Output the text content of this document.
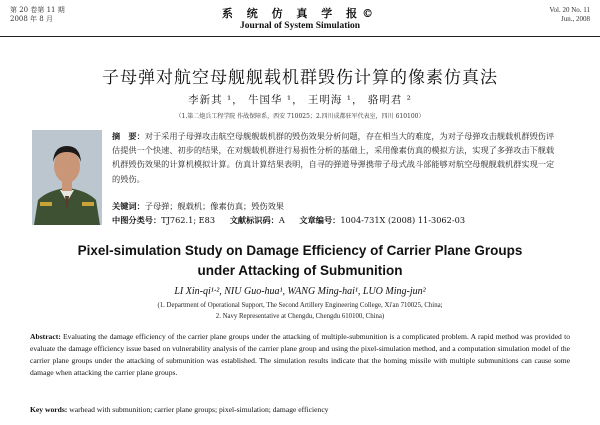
第 20 卷第 11 期
2008 年 8 月	系 统 仿 真 学 报©
Journal of System Simulation
Vol. 20 No. 11
Jun., 2008
子母弹对航空母舰舰载机群毁伤计算的像素仿真法
李新其 ¹， 牛国华 ¹， 王明海 ¹， 骆明君 ²
（1.第二炮兵工程学院 作战保障系，西安 710025；2.四川成都驻军代表室，四川 610100）
摘　要：对于采用子母弹攻击航空母舰舰载机群的毁伤效果分析问题，存在相当大的难度，为对子母弹攻击舰载机群毁伤评估提供一个快速、初步的结果，在对舰载机群进行易损性分析的基础上，采用像素仿真的模拟方法，实现了多弹攻击下舰载机群毁伤效果的计算机模拟计算。仿真计算结果表明，自寻的弹道导弹携带子母式战斗部能够对航空母舰舰载机群实现一定的毁伤。
关键词：子母弹；舰载机；像素仿真；毁伤效果
中图分类号：TJ762.1; E83 文献标识码：A 文章编号：1004-731X (2008) 11-3062-03
Pixel-simulation Study on Damage Efficiency of Carrier Plane Groups
under Attacking of Submunition
LI Xin-qi¹·², NIU Guo-hua¹, WANG Ming-hai¹, LUO Ming-jun²
(1. Department of Operational Support, The Second Artillery Engineering College, Xi'an 710025, China;
2. Navy Representative at Chengdu, Chengdu 610100, China)
Abstract: Evaluating the damage efficiency of the carrier plane groups under the attacking of multiple-submunition is a complicated problem. A rapid method was provided to evaluate the damage efficiency issue based on vulnerability analysis of the carrier plane group and using the pixel-simulation method, and a computation simulation model of the carrier plane groups under the attacking of submunition was established. The simulation results indicate that the homing missile with multiple submunitions can cause some damage when attacking the carrier plane groups.
Key words: warhead with submunition; carrier plane groups; pixel-simulation; damage efficiency
